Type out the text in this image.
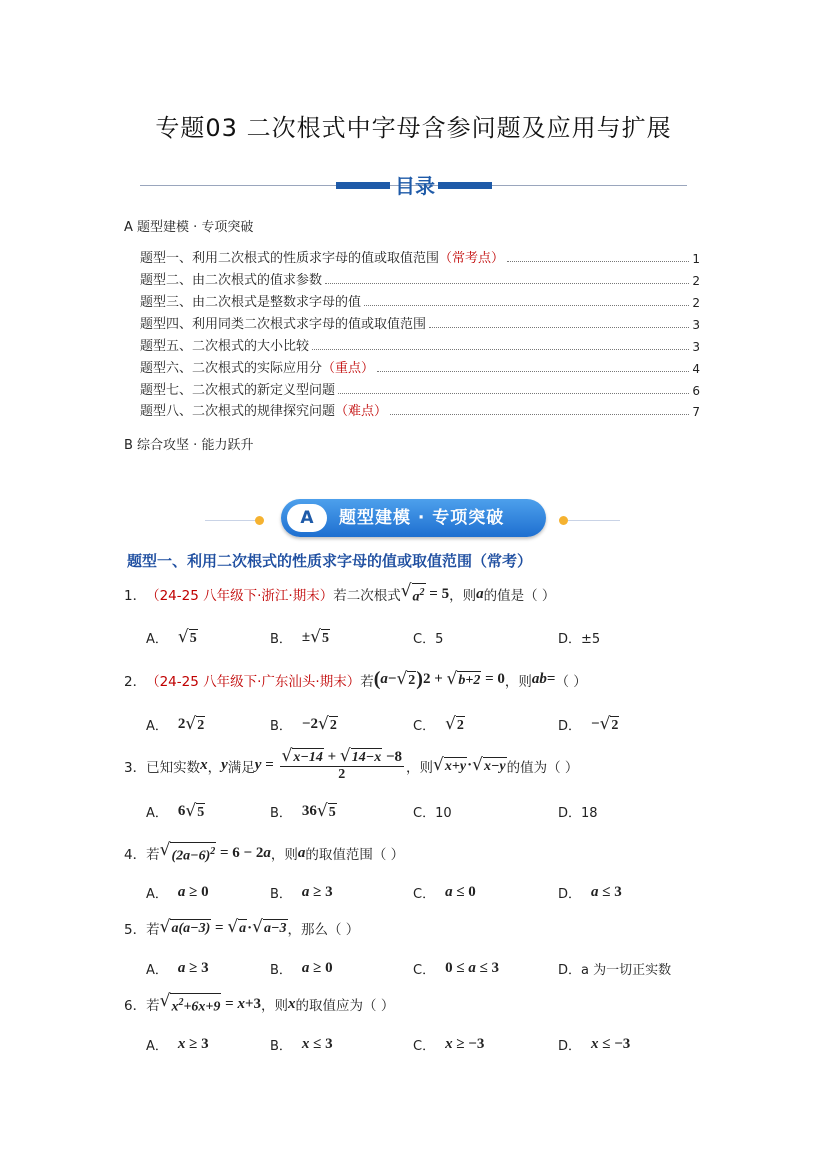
专题03 二次根式中字母含参问题及应用与扩展
目录
A 题型建模 · 专项突破
题型一、利用二次根式的性质求字母的值或取值范围 （常考点）	1
题型二、由二次根式的值求参数	2
题型三、由二次根式是整数求字母的值	2
题型四、利用同类二次根式求字母的值或取值范围	3
题型五、二次根式的大小比较	3
题型六、二次根式的实际应用分 （重点）	4
题型七、二次根式的新定义型问题	6
题型八、二次根式的规律探究问题 （难点）	7
B 综合攻坚 · 能力跃升
A	题型建模 · 专项突破
题型一、利用二次根式的性质求字母的值或取值范围（常考）
1． （24-25 八年级下·浙江·期末） 若二次根式 √ $a^2 = 5$ ，则 a 的值是（ ）
A． √ 5	B． ± √ 5	C．5	D．±5
2． （24-25 八年级下·广东汕头·期末） 若 ( a − √ 2 ) 2 + √ b+2 = 0 ，则 ab = （ ）
A． 2 √ 2	B． −2 √ 2	C． √ 2	D． − √ 2
3． 已知实数 x ， y 满足 $y = \frac{√ x-14 + √ 14-x -8}{2}$ ，则 √ x+y · √ x−y 的值为（ ）
A． 6 √ 5	B． 36 √ 5	C．10	D．18
4． 若 √ $(2a-6)^2 = 6 - 2$ a ，则 a 的取值范围（ ）
A． a ≥ 0	B． a ≥ 3	C． a ≤ 0	D． a ≤ 3
5． 若 √ a(a−3) = √ a · √ a−3 ，那么（ ）
A． a ≥ 3	B． a ≥ 0	C． 0 ≤ a ≤ 3	D．a 为一切正实数
6． 若 √ $x^2+6x+9 = x +3$ ，则 x 的取值应为（ ）
A． x ≥ 3	B． x ≤ 3	C． x ≥ −3	D． x ≤ −3
